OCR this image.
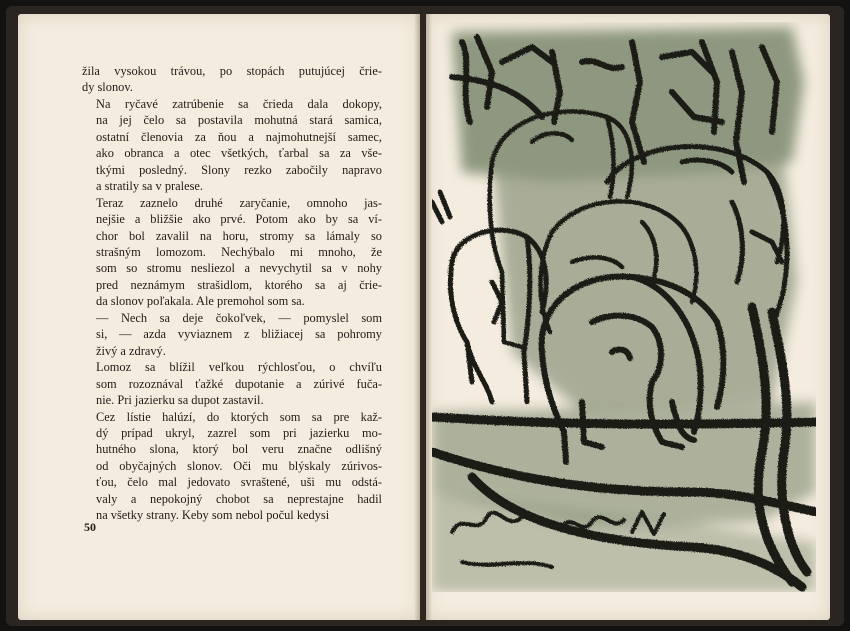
žila vysokou trávou, po stopách putujúcej črie-
dy slonov.

Na ryčavé zatrúbenie sa črieda dala dokopy,
na jej čelo sa postavila mohutná stará samica,
ostatní členovia za ňou a najmohutnejší samec,
ako obranca a otec všetkých, ťarbal sa za vše-
tkými posledný. Slony rezko zabočily napravo
a stratily sa v pralese.

Teraz zaznelo druhé zaryčanie, omnoho jas-
nejšie a bližšie ako prvé. Potom ako by sa ví-
chor bol zavalil na horu, stromy sa lámaly so
strašným lomozom. Nechýbalo mi mnoho, že
som so stromu nesliezol a nevychytil sa v nohy
pred neznámym strašidlom, ktorého sa aj črie-
da slonov poľakala. Ale premohol som sa.

— Nech sa deje čokoľvek, — pomyslel som
si, — azda vyviaznem z bližiacej sa pohromy
živý a zdravý.

Lomoz sa blížil veľkou rýchlosťou, o chvíľu
som rozoznával ťažké dupotanie a zúrivé fuča-
nie. Pri jazierku sa dupot zastavil.

Cez lístie halúzí, do ktorých som sa pre kaž-
dý prípad ukryl, zazrel som pri jazierku mo-
hutného slona, ktorý bol veru značne odlišný
od obyčajných slonov. Oči mu blýskaly zúrivos-
ťou, čelo mal jedovato svraštené, uši mu odstá-
valy a nepokojný chobot sa neprestajne hadil
na všetky strany. Keby som nebol počul kedysi

50
